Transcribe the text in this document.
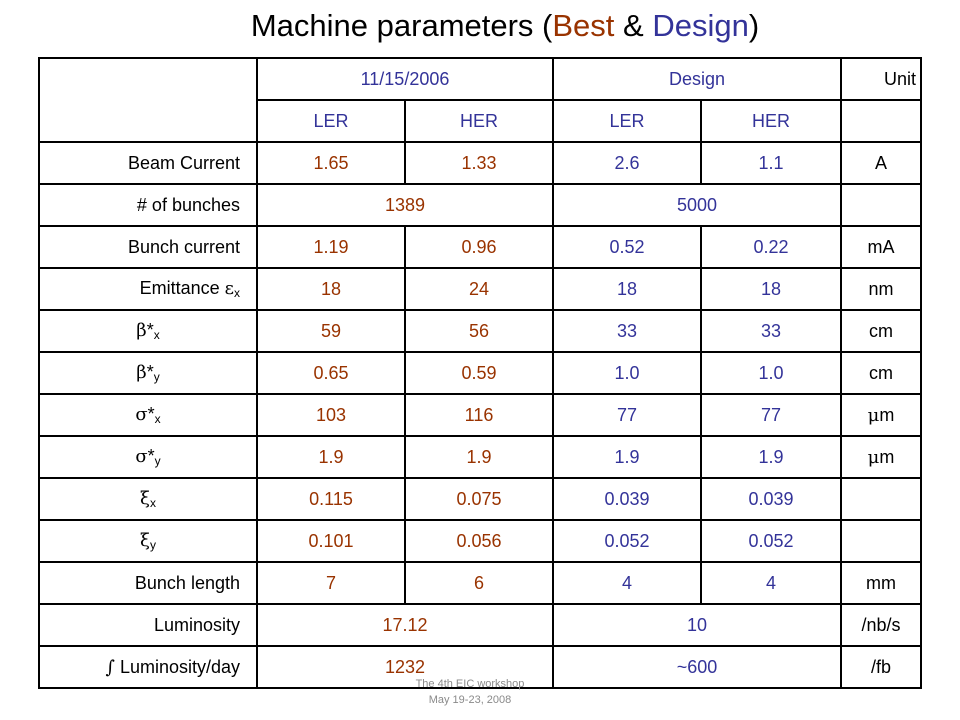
Machine parameters (Best & Design)
	11/15/2006		Design		Unit
	LER	HER	LER	HER	
Beam Current	1.65	1.33	2.6	1.1	A
# of bunches	1389		5000		
Bunch current	1.19	0.96	0.52	0.22	mA
Emittance $\varepsilon_x$	18	24	18	18	nm
$\beta*_x$	59	56	33	33	cm
$\beta*_y$	0.65	0.59	1.0	1.0	cm
$\sigma*_x$	103	116	77	77	μm
$\sigma*_y$	1.9	1.9	1.9	1.9	μm
$\xi_x$	0.115	0.075	0.039	0.039	
$\xi_y$	0.101	0.056	0.052	0.052	
Bunch length	7	6	4	4	mm
Luminosity	17.12		10		/nb/s
∫ Luminosity/day	1232		~600		/fb
The 4th EIC workshop
May 19-23, 2008
